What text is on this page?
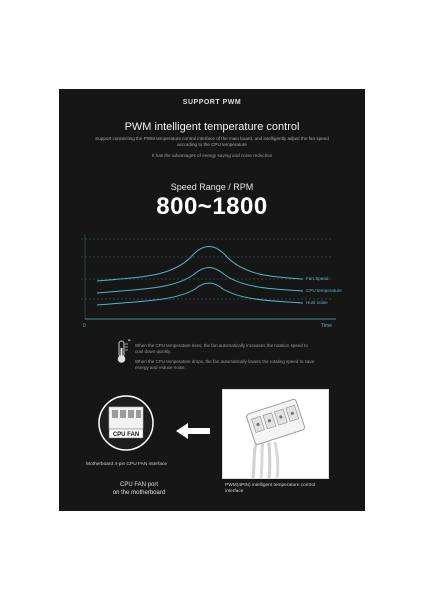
SUPPORT PWM
PWM intelligent temperature control
Support connecting the PWM temperature control interface of the main board, and intelligently adjust the fan speed according to the CPU temperature
It has the advantages of energy saving and noise reduction
Speed Range / RPM
800~1800
0	Time
Fan Speed
CPU temperature
Host noise
When the CPU temperature rises, the fan automatically increases the rotation speed to cool down quickly.
When the CPU temperature drops, the fan automatically lowers the rotating speed to save energy and reduce noise.
CPU FAN
Motherboard 4-pin CPU FAN interface
CPU FAN port
on the motherboard
PWM(4PIN) intelligent temperature control interface
